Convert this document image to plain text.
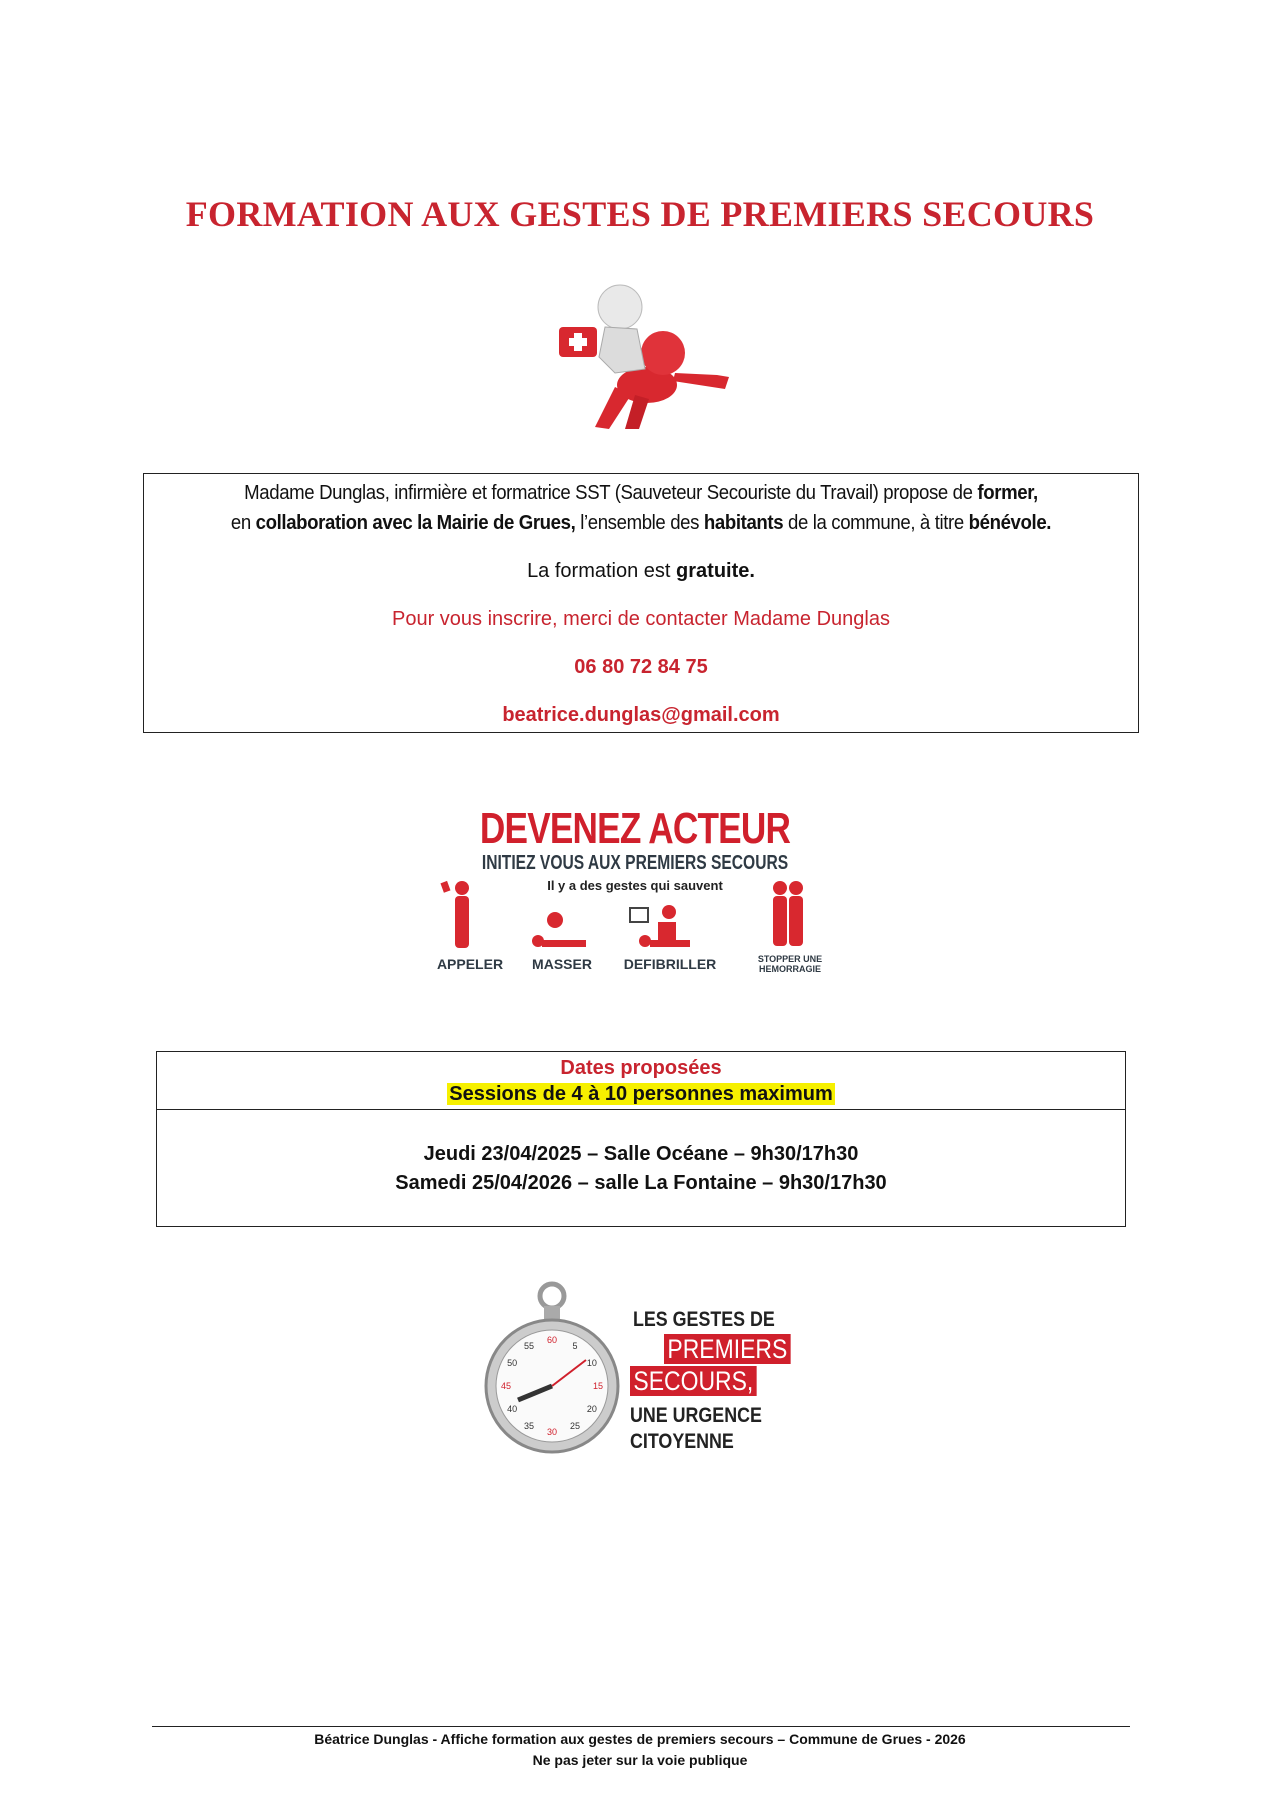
FORMATION AUX GESTES DE PREMIERS SECOURS
Madame Dunglas, infirmière et formatrice SST (Sauveteur Secouriste du Travail) propose de former,
en collaboration avec la Mairie de Grues, l’ensemble des habitants de la commune, à titre bénévole.
La formation est gratuite.
Pour vous inscrire, merci de contacter Madame Dunglas
06 80 72 84 75
beatrice.dunglas@gmail.com
DEVENEZ ACTEUR
INITIEZ VOUS AUX PREMIERS SECOURS
Il y a des gestes qui sauvent
APPELER	MASSER	DEFIBRILLER	STOPPER UNE HEMORRAGIE
Dates proposées
Sessions de 4 à 10 personnes maximum
Jeudi 23/04/2025 – Salle Océane – 9h30/17h30
Samedi 25/04/2026 – salle La Fontaine – 9h30/17h30
60
5
10
15
20
25
30
35
40
45
50
55
LES GESTES DE
PREMIERS
SECOURS,
UNE URGENCE
CITOYENNE
Béatrice Dunglas - Affiche formation aux gestes de premiers secours – Commune de Grues - 2026
Ne pas jeter sur la voie publique
